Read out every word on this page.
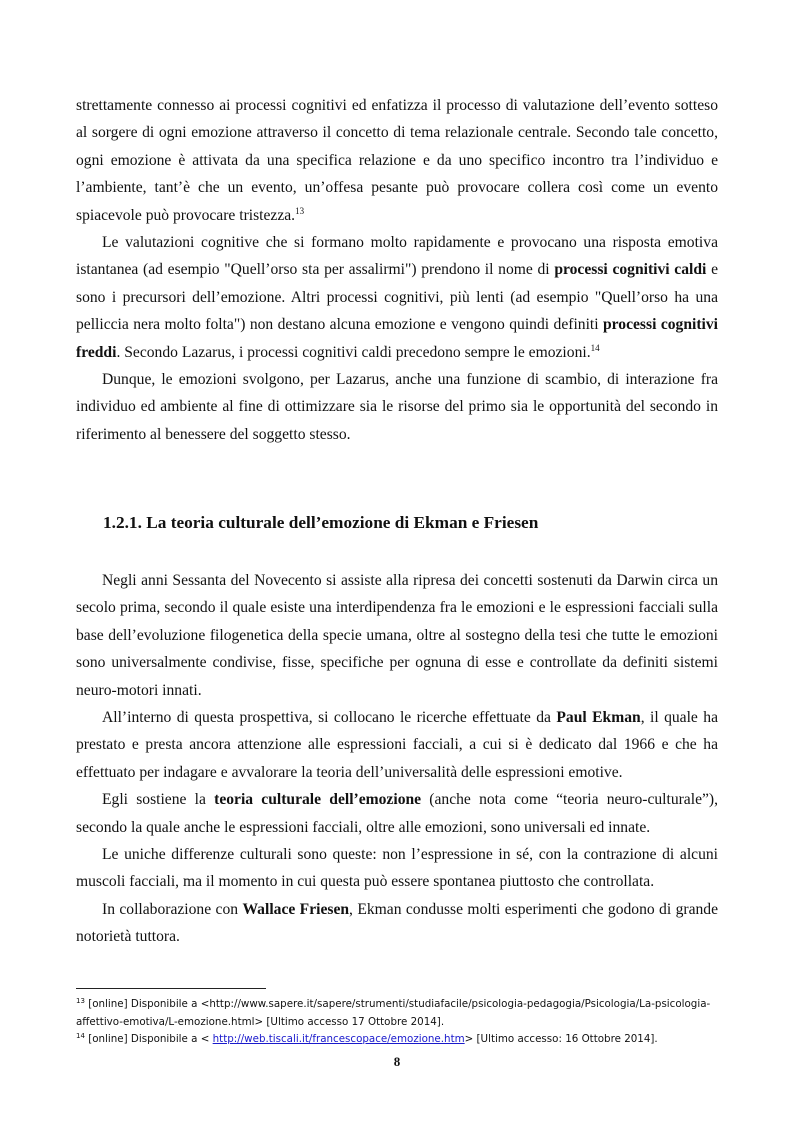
strettamente connesso ai processi cognitivi ed enfatizza il processo di valutazione dell’evento sotteso al sorgere di ogni emozione attraverso il concetto di tema relazionale centrale. Secondo tale concetto, ogni emozione è attivata da una specifica relazione e da uno specifico incontro tra l’individuo e l’ambiente, tant’è che un evento, un’offesa pesante può provocare collera così come un evento spiacevole può provocare tristezza.$^{13}$

Le valutazioni cognitive che si formano molto rapidamente e provocano una risposta emotiva istantanea (ad esempio "Quell’orso sta per assalirmi") prendono il nome di processi cognitivi caldi e sono i precursori dell’emozione. Altri processi cognitivi, più lenti (ad esempio "Quell’orso ha una pelliccia nera molto folta") non destano alcuna emozione e vengono quindi definiti processi cognitivi freddi. Secondo Lazarus, i processi cognitivi caldi precedono sempre le emozioni.$^{14}$

Dunque, le emozioni svolgono, per Lazarus, anche una funzione di scambio, di interazione fra individuo ed ambiente al fine di ottimizzare sia le risorse del primo sia le opportunità del secondo in riferimento al benessere del soggetto stesso.

1.2.1. La teoria culturale dell’emozione di Ekman e Friesen

Negli anni Sessanta del Novecento si assiste alla ripresa dei concetti sostenuti da Darwin circa un secolo prima, secondo il quale esiste una interdipendenza fra le emozioni e le espressioni facciali sulla base dell’evoluzione filogenetica della specie umana, oltre al sostegno della tesi che tutte le emozioni sono universalmente condivise, fisse, specifiche per ognuna di esse e controllate da definiti sistemi neuro-motori innati.

All’interno di questa prospettiva, si collocano le ricerche effettuate da Paul Ekman, il quale ha prestato e presta ancora attenzione alle espressioni facciali, a cui si è dedicato dal 1966 e che ha effettuato per indagare e avvalorare la teoria dell’universalità delle espressioni emotive.

Egli sostiene la teoria culturale dell’emozione (anche nota come “teoria neuro-culturale”), secondo la quale anche le espressioni facciali, oltre alle emozioni, sono universali ed innate.

Le uniche differenze culturali sono queste: non l’espressione in sé, con la contrazione di alcuni muscoli facciali, ma il momento in cui questa può essere spontanea piuttosto che controllata.

In collaborazione con Wallace Friesen, Ekman condusse molti esperimenti che godono di grande notorietà tuttora.

$^{13}$ [online] Disponibile a <http://www.sapere.it/sapere/strumenti/studiafacile/psicologia-pedagogia/Psicologia/La-psicologia-affettivo-emotiva/L-emozione.html> [Ultimo accesso 17 Ottobre 2014].

$^{14}$ [online] Disponibile a < http://web.tiscali.it/francescopace/emozione.htm> [Ultimo accesso: 16 Ottobre 2014].

8
